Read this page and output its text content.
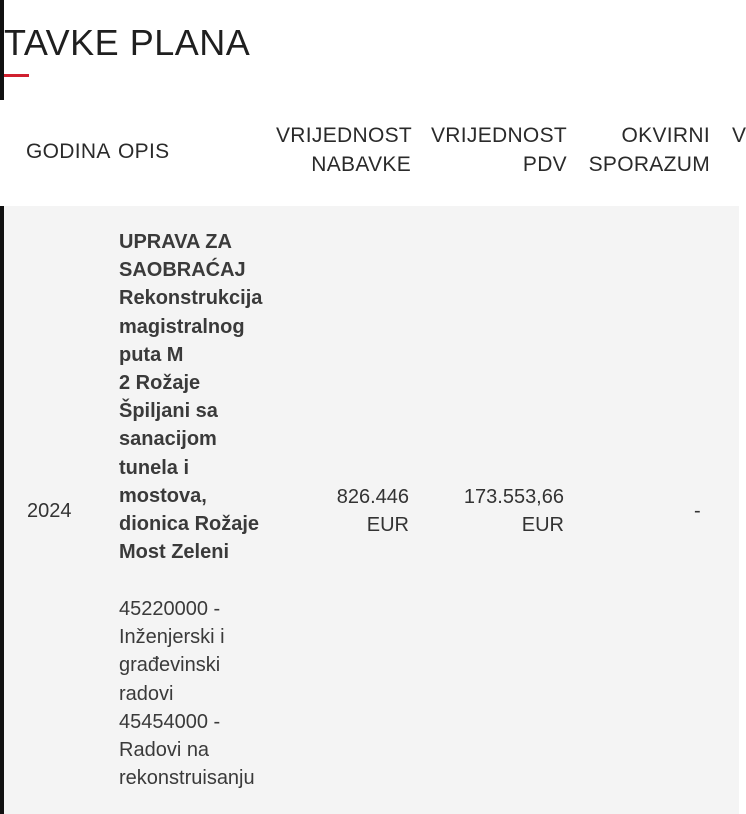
TAVKE PLANA
GODINA OPIS
VRIJEDNOST
NABAVKE
VRIJEDNOST
PDV
OKVIRNI
SPORAZUM
V
2024
UPRAVA ZA
SAOBRAĆAJ
Rekonstrukcija
magistralnog
puta M
2 Rožaje
Špiljani sa
sanacijom
tunela i
mostova,
dionica Rožaje
Most Zeleni
45220000 -
Inženjerski i
građevinski
radovi
45454000 -
Radovi na
rekonstruisanju
826.446
EUR
173.553,66
EUR
-
